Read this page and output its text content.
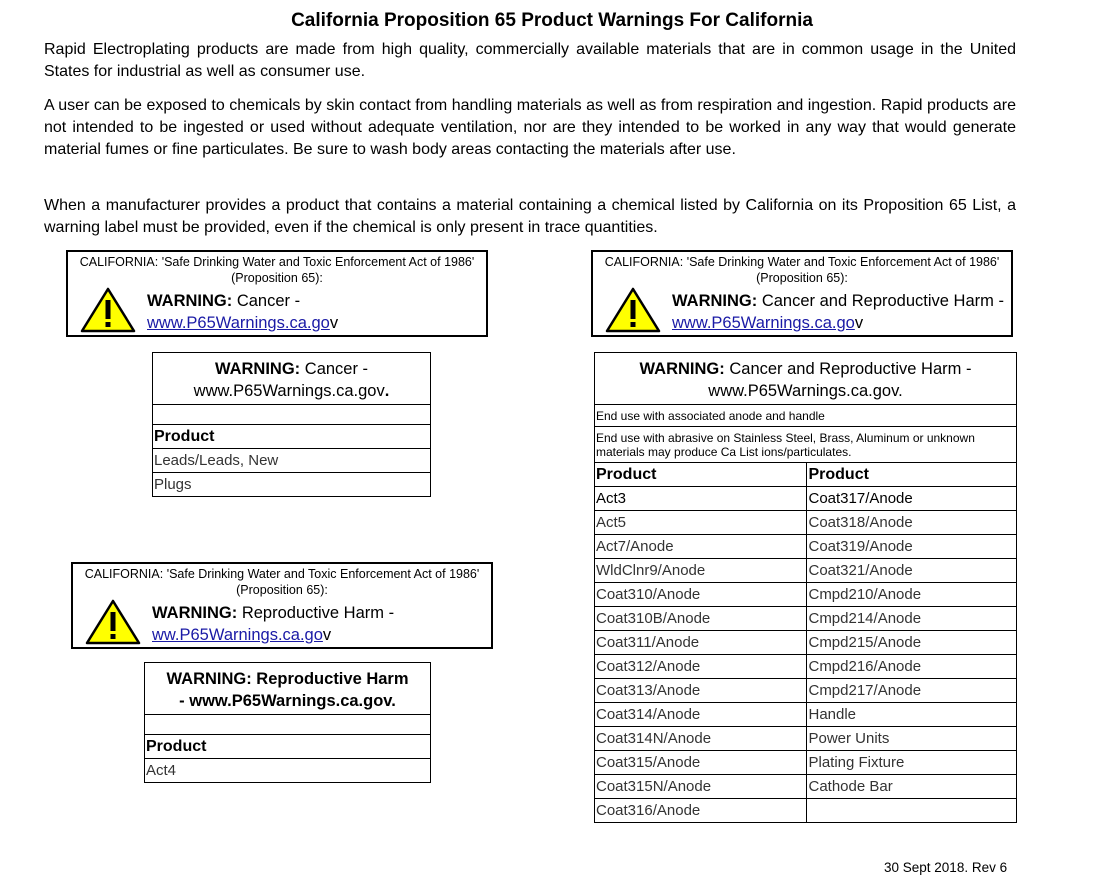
California Proposition 65 Product Warnings For California
Rapid Electroplating products are made from high quality, commercially available materials that are in common usage in the United States for industrial as well as consumer use.
A user can be exposed to chemicals by skin contact from handling materials as well as from respiration and ingestion. Rapid products are not intended to be ingested or used without adequate ventilation, nor are they intended to be worked in any way that would generate material fumes or fine particulates. Be sure to wash body areas contacting the materials after use.
When a manufacturer provides a product that contains a material containing a chemical listed by California on its Proposition 65 List, a warning label must be provided, even if the chemical is only present in trace quantities.
CALIFORNIA: 'Safe Drinking Water and Toxic Enforcement Act of 1986' (Proposition 65):
WARNING: Cancer -
www.P65Warnings.ca.gov
CALIFORNIA: 'Safe Drinking Water and Toxic Enforcement Act of 1986' (Proposition 65):
WARNING: Cancer and Reproductive Harm - www.P65Warnings.ca.gov
CALIFORNIA: 'Safe Drinking Water and Toxic Enforcement Act of 1986' (Proposition 65):
WARNING: Reproductive Harm -
ww.P65Warnings.ca.gov
WARNING: Cancer -
www.P65Warnings.ca.gov.

Product
Leads/Leads, New
Plugs
WARNING: Reproductive Harm
- www.P65Warnings.ca.gov.

Product
Act4
WARNING: Cancer and Reproductive Harm -
www.P65Warnings.ca.gov.	
End use with associated anode and handle	
End use with abrasive on Stainless Steel, Brass, Aluminum or unknown materials may produce Ca List ions/particulates.	
Product	Product
Act3	Coat317/Anode
Act5	Coat318/Anode
Act7/Anode	Coat319/Anode
WldClnr9/Anode	Coat321/Anode
Coat310/Anode	Cmpd210/Anode
Coat310B/Anode	Cmpd214/Anode
Coat311/Anode	Cmpd215/Anode
Coat312/Anode	Cmpd216/Anode
Coat313/Anode	Cmpd217/Anode
Coat314/Anode	Handle
Coat314N/Anode	Power Units
Coat315/Anode	Plating Fixture
Coat315N/Anode	Cathode Bar
Coat316/Anode	
30 Sept 2018. Rev 6
